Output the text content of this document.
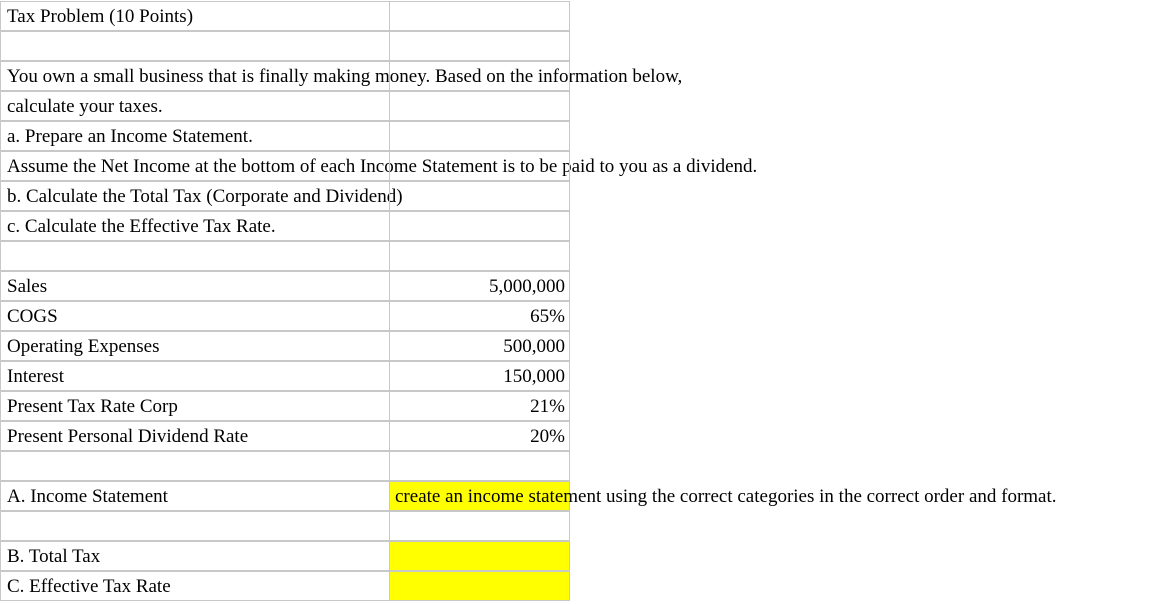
Tax Problem (10 Points)
You own a small business that is finally making money. Based on the information below,
calculate your taxes.
a. Prepare an Income Statement.
Assume the Net Income at the bottom of each Income Statement is to be paid to you as a dividend.
b. Calculate the Total Tax (Corporate and Dividend)
c. Calculate the Effective Tax Rate.
Sales	5,000,000
COGS	65%
Operating Expenses	500,000
Interest	150,000
Present Tax Rate Corp	21%
Present Personal Dividend Rate	20%
A. Income Statement	create an income statement using the correct categories in the correct order and format.
B. Total Tax
C. Effective Tax Rate
